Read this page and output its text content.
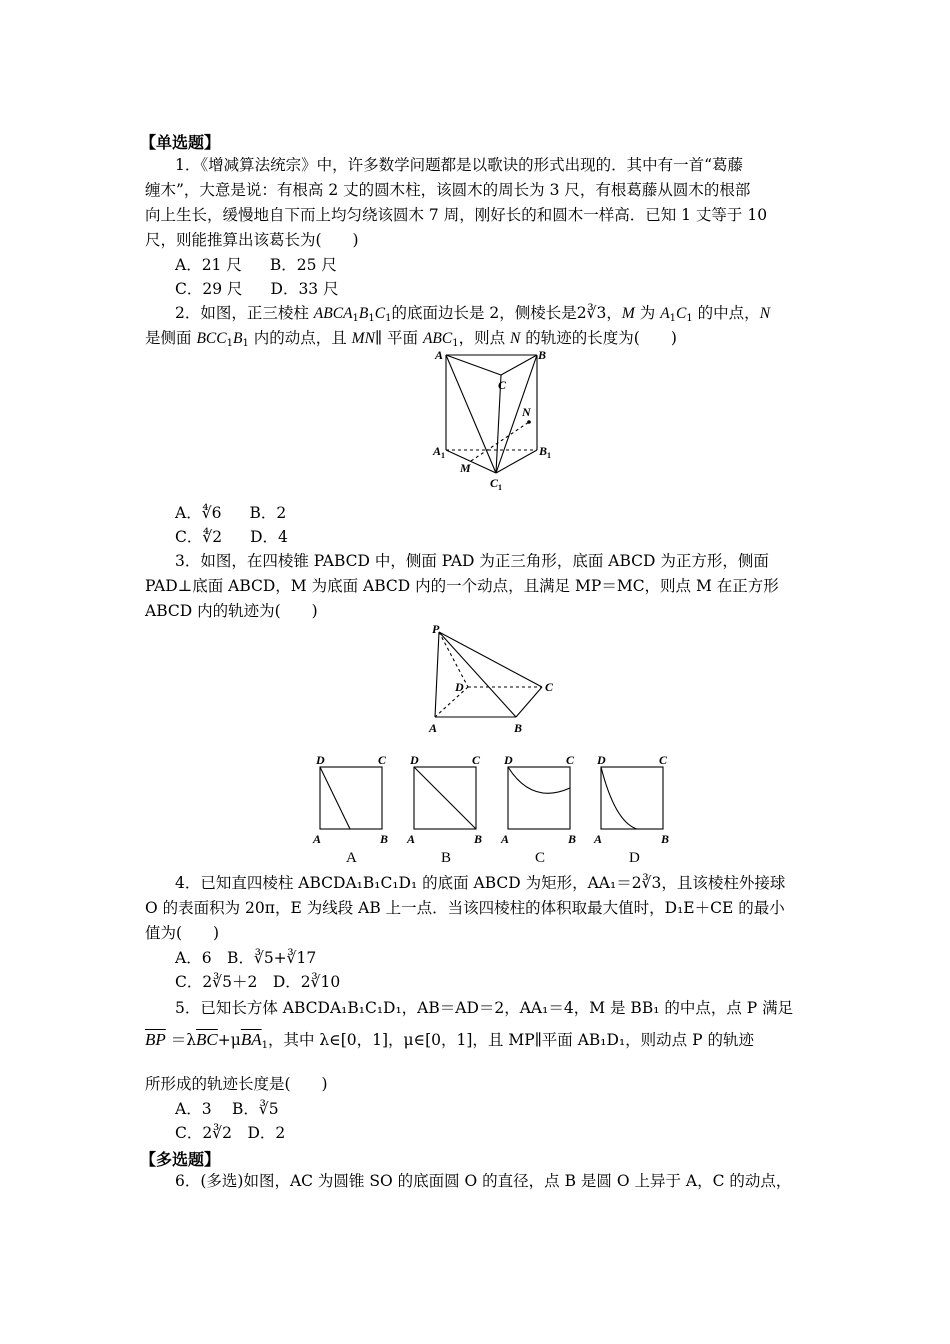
【单选题】
1．《增减算法统宗》中，许多数学问题都是以歌诀的形式出现的．其中有一首“葛藤
缠木”，大意是说：有根高 2 丈的圆木柱，该圆木的周长为 3 尺，有根葛藤从圆木的根部
向上生长，缓慢地自下而上均匀绕该圆木 7 周，刚好长的和圆木一样高．已知 1 丈等于 10
尺，则能推算出该葛长为(　　)
A．21 尺 B．25 尺
C．29 尺 D．33 尺
2．如图，正三棱柱 $ABCA_1B_1C_1$的底面边长是 2，侧棱长是2∛3，M 为 $A_1C_1$ 的中点，N
是侧面 $BCC_1B_1$ 内的动点，且 MN∥ 平面 $ABC_1$，则点 N 的轨迹的长度为(　　)
A	B
C
N
A 1	B 1
M
C 1
A．∜6 B．2
C．∜2 D．4
3．如图，在四棱锥 PABCD 中，侧面 PAD 为正三角形，底面 ABCD 为正方形，侧面
PAD⊥底面 ABCD，M 为底面 ABCD 内的一个动点，且满足 MP＝MC，则点 M 在正方形
ABCD 内的轨迹为(　　)
P
D	C
A	B
D	C
A	B
D	C
A	B
D	C
A	B
D	C
A	B
A	B	C	D
4．已知直四棱柱 ABCDA₁B₁C₁D₁ 的底面 ABCD 为矩形，AA₁＝2∛3，且该棱柱外接球
O 的表面积为 20π，E 为线段 AB 上一点．当该四棱柱的体积取最大值时，D₁E＋CE 的最小
值为(　　)
A．6　B．∛5+∛17
C．2∛5＋2　D．2∛10
5．已知长方体 ABCDA₁B₁C₁D₁，AB＝AD＝2，AA₁＝4，M 是 BB₁ 的中点，点 P 满足
$\overline{BP} =\lambda\overline{BC}+\mu\overline{BA}_1$，其中 λ∈[0，1]，μ∈[0，1]，且 MP∥平面 AB₁D₁，则动点 P 的轨迹
所形成的轨迹长度是(　　)
A．3　 B．∛5
C．2∛2　D．2
【多选题】
6．(多选)如图，AC 为圆锥 SO 的底面圆 O 的直径，点 B 是圆 O 上异于 A，C 的动点，
